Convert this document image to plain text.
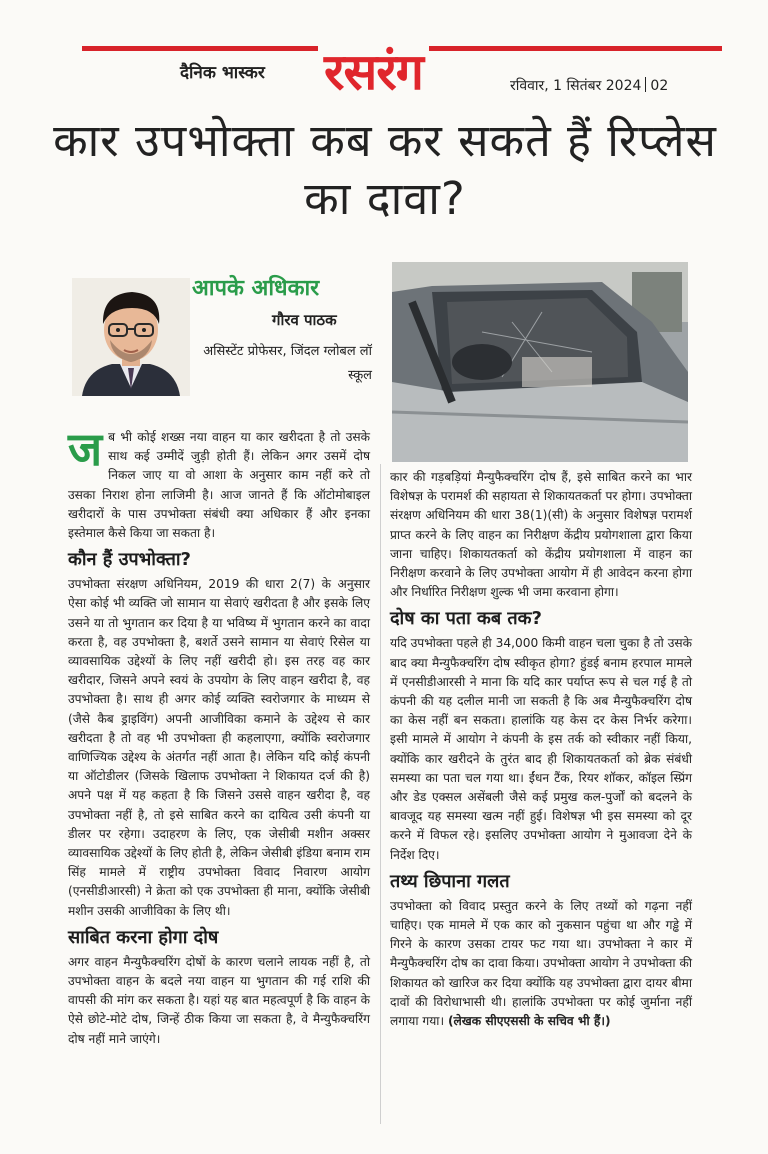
दैनिक भास्कर रसरंग	रविवार, 1 सितंबर 2024 02
कार उपभोक्ता कब कर सकते हैं रिप्लेस का दावा?
आपके अधिकार
गौरव पाठक
असिस्टेंट प्रोफेसर, जिंदल ग्लोबल लॉ स्कूल

जब भी कोई शख्स नया वाहन या कार खरीदता है तो उसके साथ कई उम्मीदें जुड़ी होती हैं। लेकिन अगर उसमें दोष निकल जाए या वो आशा के अनुसार काम नहीं करे तो उसका निराश होना लाजिमी है। आज जानते हैं कि ऑटोमोबाइल खरीदारों के पास उपभोक्ता संबंधी क्या अधिकार हैं और इनका इस्तेमाल कैसे किया जा सकता है।

कौन हैं उपभोक्ता?

उपभोक्ता संरक्षण अधिनियम, 2019 की धारा 2(7) के अनुसार ऐसा कोई भी व्यक्ति जो सामान या सेवाएं खरीदता है और इसके लिए उसने या तो भुगतान कर दिया है या भविष्य में भुगतान करने का वादा करता है, वह उपभोक्ता है, बशर्ते उसने सामान या सेवाएं रिसेल या व्यावसायिक उद्देश्यों के लिए नहीं खरीदी हो। इस तरह वह कार खरीदार, जिसने अपने स्वयं के उपयोग के लिए वाहन खरीदा है, वह उपभोक्ता है। साथ ही अगर कोई व्यक्ति स्वरोजगार के माध्यम से (जैसे कैब ड्राइविंग) अपनी आजीविका कमाने के उद्देश्य से कार खरीदता है तो वह भी उपभोक्ता ही कहलाएगा, क्योंकि स्वरोजगार वाणिज्यिक उद्देश्य के अंतर्गत नहीं आता है। लेकिन यदि कोई कंपनी या ऑटोडीलर (जिसके खिलाफ उपभोक्ता ने शिकायत दर्ज की है) अपने पक्ष में यह कहता है कि जिसने उससे वाहन खरीदा है, वह उपभोक्ता नहीं है, तो इसे साबित करने का दायित्व उसी कंपनी या डीलर पर रहेगा। उदाहरण के लिए, एक जेसीबी मशीन अक्सर व्यावसायिक उद्देश्यों के लिए होती है, लेकिन जेसीबी इंडिया बनाम राम सिंह मामले में राष्ट्रीय उपभोक्ता विवाद निवारण आयोग (एनसीडीआरसी) ने क्रेता को एक उपभोक्ता ही माना, क्योंकि जेसीबी मशीन उसकी आजीविका के लिए थी।

साबित करना होगा दोष

अगर वाहन मैन्युफैक्चरिंग दोषों के कारण चलाने लायक नहीं है, तो उपभोक्ता वाहन के बदले नया वाहन या भुगतान की गई राशि की वापसी की मांग कर सकता है। यहां यह बात महत्वपूर्ण है कि वाहन के ऐसे छोटे-मोटे दोष, जिन्हें ठीक किया जा सकता है, वे मैन्युफैक्चरिंग दोष नहीं माने जाएंगे।

कार की गड़बड़ियां मैन्युफैक्चरिंग दोष हैं, इसे साबित करने का भार विशेषज्ञ के परामर्श की सहायता से शिकायतकर्ता पर होगा। उपभोक्ता संरक्षण अधिनियम की धारा 38(1)(सी) के अनुसार विशेषज्ञ परामर्श प्राप्त करने के लिए वाहन का निरीक्षण केंद्रीय प्रयोगशाला द्वारा किया जाना चाहिए। शिकायतकर्ता को केंद्रीय प्रयोगशाला में वाहन का निरीक्षण करवाने के लिए उपभोक्ता आयोग में ही आवेदन करना होगा और निर्धारित निरीक्षण शुल्क भी जमा करवाना होगा।

दोष का पता कब तक?

यदि उपभोक्ता पहले ही 34,000 किमी वाहन चला चुका है तो उसके बाद क्या मैन्युफैक्चरिंग दोष स्वीकृत होगा? हुंडई बनाम हरपाल मामले में एनसीडीआरसी ने माना कि यदि कार पर्याप्त रूप से चल गई है तो कंपनी की यह दलील मानी जा सकती है कि अब मैन्युफैक्चरिंग दोष का केस नहीं बन सकता। हालांकि यह केस दर केस निर्भर करेगा। इसी मामले में आयोग ने कंपनी के इस तर्क को स्वीकार नहीं किया, क्योंकि कार खरीदने के तुरंत बाद ही शिकायतकर्ता को ब्रेक संबंधी समस्या का पता चल गया था। ईंधन टैंक, रियर शॉकर, कॉइल स्प्रिंग और डेड एक्सल असेंबली जैसे कई प्रमुख कल-पुर्जों को बदलने के बावजूद यह समस्या खत्म नहीं हुई। विशेषज्ञ भी इस समस्या को दूर करने में विफल रहे। इसलिए उपभोक्ता आयोग ने मुआवजा देने के निर्देश दिए।

तथ्य छिपाना गलत

उपभोक्ता को विवाद प्रस्तुत करने के लिए तथ्यों को गढ़ना नहीं चाहिए। एक मामले में एक कार को नुकसान पहुंचा था और गड्ढे में गिरने के कारण उसका टायर फट गया था। उपभोक्ता ने कार में मैन्युफैक्चरिंग दोष का दावा किया। उपभोक्ता आयोग ने उपभोक्ता की शिकायत को खारिज कर दिया क्योंकि यह उपभोक्ता द्वारा दायर बीमा दावों की विरोधाभासी थी। हालांकि उपभोक्ता पर कोई जुर्माना नहीं लगाया गया। (लेखक सीएएससी के सचिव भी हैं।)
